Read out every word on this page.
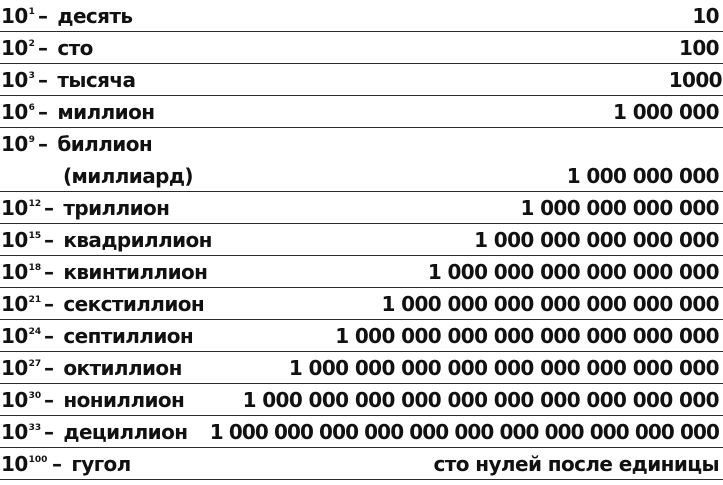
$10^1$ – десять	10
$10^2$ – сто	100
$10^3$ – тысяча	1000
$10^6$ – миллион	1 000 000
$10^9$ – биллион
(миллиард)	1 000 000 000
$10^{12}$ – триллион	1 000 000 000 000
$10^{15}$ – квадриллион	1 000 000 000 000 000
$10^{18}$ – квинтиллион	1 000 000 000 000 000 000
$10^{21}$ – секстиллион	1 000 000 000 000 000 000 000
$10^{24}$ – септиллион	1 000 000 000 000 000 000 000 000
$10^{27}$ – октиллион	1 000 000 000 000 000 000 000 000 000
$10^{30}$ – нониллион	1 000 000 000 000 000 000 000 000 000 000
$10^{33}$ – дециллион 1 000 000 000 000 000 000 000 000 000 000 000
$10^{100}$ – гугол	сто нулей после единицы
